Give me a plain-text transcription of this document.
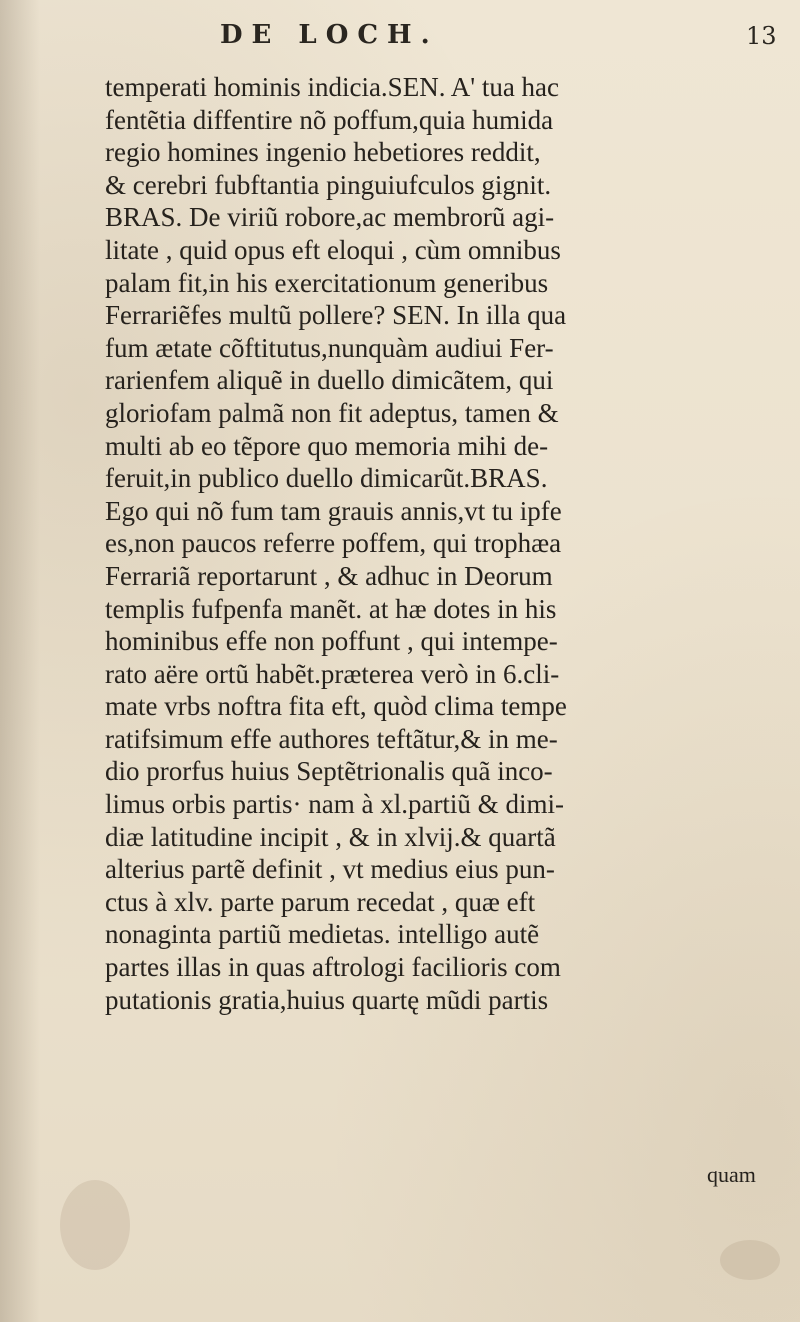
DE LOCH.	13
temperati hominis indicia.SEN. A' tua hac
fentẽtia diffentire nõ poffum,quia humida
regio homines ingenio hebetiores reddit,
& cerebri fubftantia pinguiufculos gignit.
BRAS. De viriũ robore,ac membrorũ agi-
litate , quid opus eft eloqui , cùm omnibus
palam fit,in his exercitationum generibus
Ferrariẽfes multũ pollere? SEN. In illa qua
fum ætate cõftitutus,nunquàm audiui Fer-
rarienfem aliquẽ in duello dimicãtem, qui
gloriofam palmã non fit adeptus, tamen &
multi ab eo tẽpore quo memoria mihi de-
feruit,in publico duello dimicarũt.BRAS.
Ego qui nõ fum tam grauis annis,vt tu ipfe
es,non paucos referre poffem, qui trophæa
Ferrariã reportarunt , & adhuc in Deorum
templis fufpenfa manẽt. at hæ dotes in his
hominibus effe non poffunt , qui intempe-
rato aëre ortũ habẽt.præterea verò in 6.cli-
mate vrbs noftra fita eft, quòd clima tempe
ratifsimum effe authores teftãtur,& in me-
dio prorfus huius Septẽtrionalis quã inco-
limus orbis partis· nam à xl.partiũ & dimi-
diæ latitudine incipit , & in xlvij.& quartã
alterius partẽ definit , vt medius eius pun-
ctus à xlv. parte parum recedat , quæ eft
nonaginta partiũ medietas. intelligo autẽ
partes illas in quas aftrologi facilioris com
putationis gratia,huius quartę mũdi partis
quam
